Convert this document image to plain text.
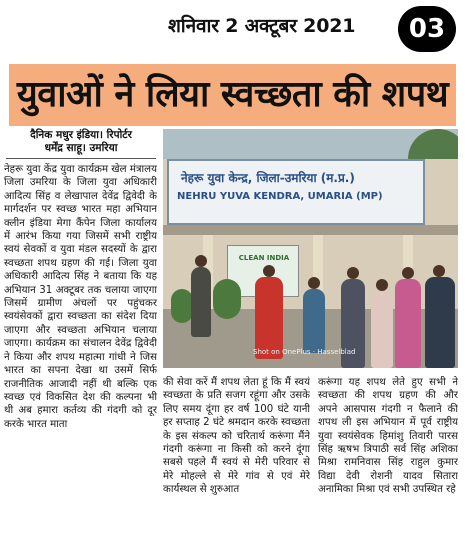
शनिवार 2 अक्टूबर 2021	03
युवाओं ने लिया स्वच्छता की शपथ
दैनिक मधुर इंडिया। रिपोर्टर
धर्मेंद्र साहू। उमरिया
नेहरू युवा केंद्र युवा कार्यक्रम खेल मंत्रालय जिला उमरिया के जिला युवा अधिकारी आदित्य सिंह व लेखापाल देवेंद्र द्विवेदी के मार्गदर्शन पर स्वच्छ भारत महा अभियान क्लीन इंडिया मेगा कैंपेन जिला कार्यालय में आरंभ किया गया जिसमें सभी राष्ट्रीय स्वयं सेवकों व युवा मंडल सदस्यों के द्वारा स्वच्छता शपथ ग्रहण की गई। जिला युवा अधिकारी आदित्य सिंह ने बताया कि यह अभियान 31 अक्टूबर तक चलाया जाएगा जिसमें ग्रामीण अंचलों पर पहुंचकर स्वयंसेवकों द्वारा स्वच्छता का संदेश दिया जाएगा और स्वच्छता अभियान चलाया जाएगा। कार्यक्रम का संचालन देवेंद्र द्विवेदी ने किया और शपथ महात्मा गांधी ने जिस भारत का सपना देखा था उसमें सिर्फ राजनीतिक आजादी नहीं थी बल्कि एक स्वच्छ एवं विकसित देश की कल्पना भी थी अब हमारा कर्तव्य की गंदगी को दूर करके भारत माता
नेहरू युवा केन्द्र, जिला-उमरिया (म.प्र.)
NEHRU YUVA KENDRA, UMARIA (MP)
CLEAN INDIA
Shot on OnePlus · Hasselblad
की सेवा करें मैं शपथ लेता हूं कि मैं स्वयं स्वच्छता के प्रति सजग रहूंगा और उसके लिए समय दूंगा हर वर्ष 100 घंटे यानी हर सप्ताह 2 घंटे श्रमदान करके स्वच्छता के इस संकल्प को चरितार्थ करूंगा मैंने गंदगी करूंगा ना किसी को करने दूंगा सबसे पहले मैं स्वयं से मेरी परिवार से मेरे मोहल्ले से मेरे गांव से एवं मेरे कार्यस्थल से शुरुआत
करूंगा यह शपथ लेते हुए सभी ने स्वच्छता की शपथ ग्रहण की और अपने आसपास गंदगी न फैलाने की शपथ ली इस अभियान में पूर्व राष्ट्रीय युवा स्वयंसेवक हिमांशु तिवारी पारस सिंह ऋषभ त्रिपाठी सर्व सिंह अशिका मिश्रा रामनिवास सिंह राहुल कुमार विद्या देवी रोशनी यादव सितारा अनामिका मिश्रा एवं सभी उपस्थित रहे
